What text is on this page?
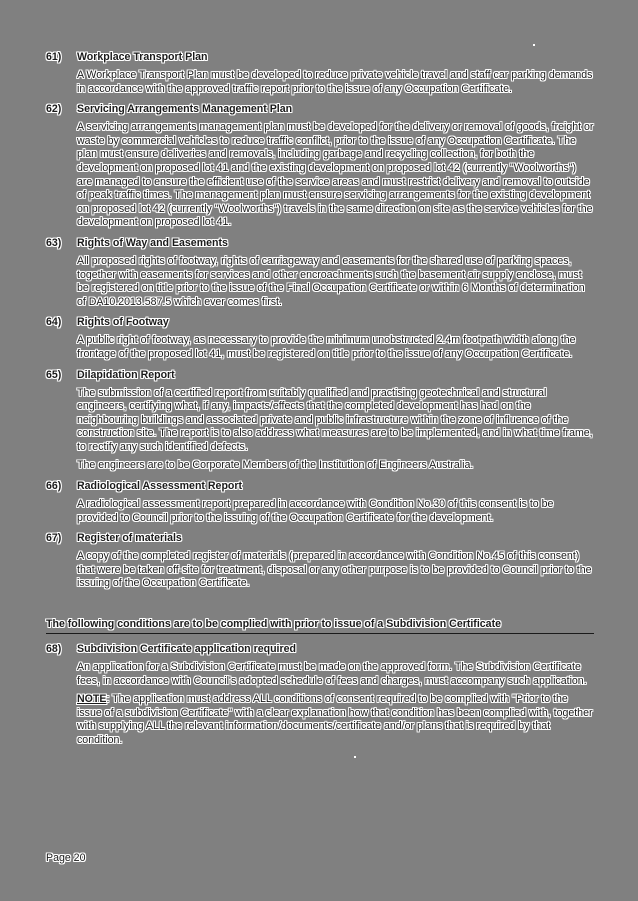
61)	Workplace Transport Plan
A Workplace Transport Plan must be developed to reduce private vehicle travel and staff car parking demands in accordance with the approved traffic report prior to the issue of any Occupation Certificate.
62)	Servicing Arrangements Management Plan
A servicing arrangements management plan must be developed for the delivery or removal of goods, freight or waste by commercial vehicles to reduce traffic conflict, prior to the issue of any Occupation Certificate. The plan must ensure deliveries and removals, including garbage and recycling collection, for both the development on proposed lot 41 and the existing development on proposed lot 42 (currently "Woolworths") are managed to ensure the efficient use of the service areas and must restrict delivery and removal to outside of peak traffic times. The management plan must ensure servicing arrangements for the existing development on proposed lot 42 (currently "Woolworths") travels in the same direction on site as the service vehicles for the development on proposed lot 41.
63)	Rights of Way and Easements
All proposed rights of footway, rights of carriageway and easements for the shared use of parking spaces, together with easements for services and other encroachments such the basement air supply enclose, must be registered on title prior to the issue of the Final Occupation Certificate or within 6 Months of determination of DA10.2013.587.5 which ever comes first.
64)	Rights of Footway
A public right of footway, as necessary to provide the minimum unobstructed 2.4m footpath width along the frontage of the proposed lot 41, must be registered on title prior to the issue of any Occupation Certificate.
65)	Dilapidation Report
The submission of a certified report from suitably qualified and practising geotechnical and structural engineers, certifying what, if any, impacts/effects that the completed development has had on the neighbouring buildings and associated private and public infrastructure within the zone of influence of the construction site. The report is to also address what measures are to be implemented, and in what time frame, to rectify any such identified defects.
The engineers are to be Corporate Members of the Institution of Engineers Australia.
66)	Radiological Assessment Report
A radiological assessment report prepared in accordance with Condition No.30 of this consent is to be provided to Council prior to the issuing of the Occupation Certificate for the development.
67)	Register of materials
A copy of the completed register of materials (prepared in accordance with Condition No.45 of this consent) that were be taken off-site for treatment, disposal or any other purpose is to be provided to Council prior to the issuing of the Occupation Certificate.
The following conditions are to be complied with prior to issue of a Subdivision Certificate
68)	Subdivision Certificate application required
An application for a Subdivision Certificate must be made on the approved form. The Subdivision Certificate fees, in accordance with Council's adopted schedule of fees and charges, must accompany such application.
NOTE: The application must address ALL conditions of consent required to be complied with "Prior to the issue of a subdivision Certificate" with a clear explanation how that condition has been complied with, together with supplying ALL the relevant information/documents/certificate and/or plans that is required by that condition.
Page 20
